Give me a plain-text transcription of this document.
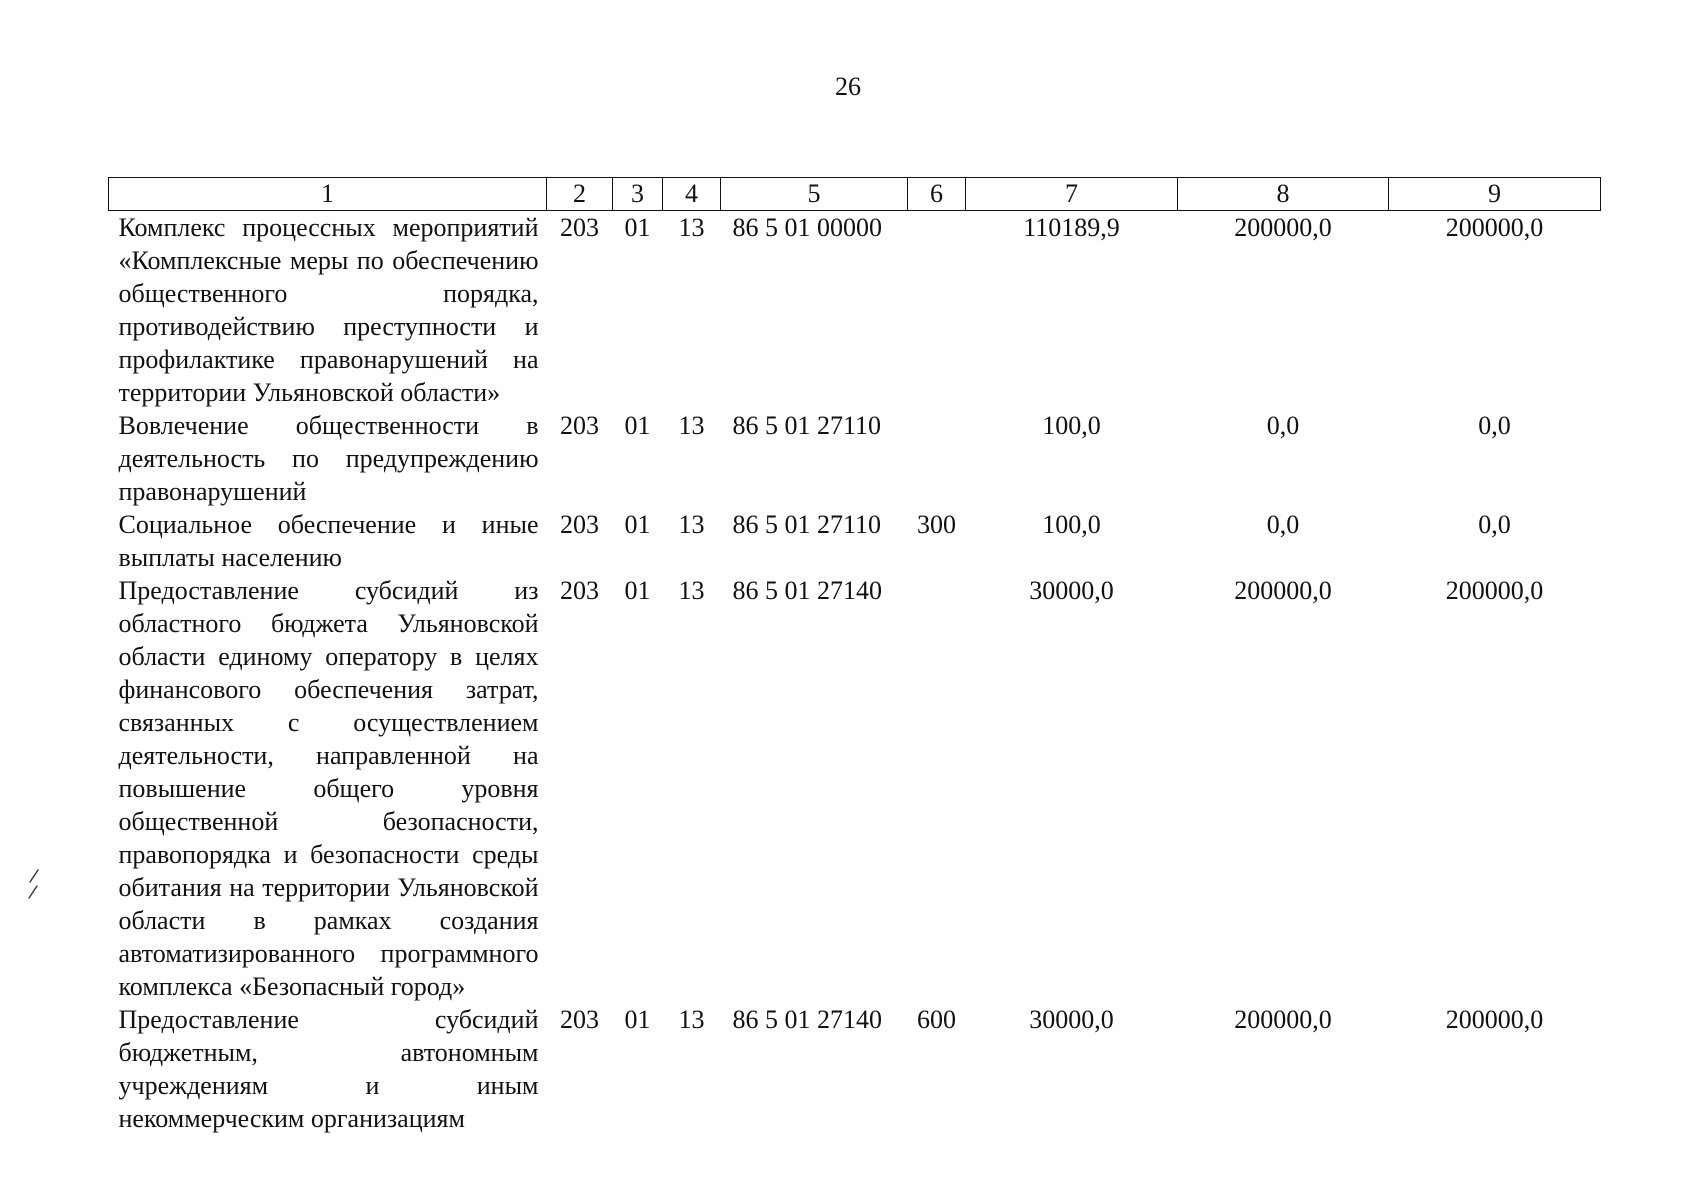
26
1	2	3	4	5	6	7	8	9
Комплекс процессных мероприятий «Комплексные меры по обеспечению общественного порядка, противодействию преступности и профилактике правонарушений на территории Ульяновской области»	203	01	13	86 5 01 00000		110189,9	200000,0	200000,0
Вовлечение общественности в деятельность по предупреждению правонарушений	203	01	13	86 5 01 27110		100,0	0,0	0,0
Социальное обеспечение и иные выплаты населению	203	01	13	86 5 01 27110	300	100,0	0,0	0,0
Предоставление субсидий из областного бюджета Ульяновской области единому оператору в целях финансового обеспечения затрат, связанных с осуществлением деятельности, направленной на повышение общего уровня общественной безопасности, правопорядка и безопасности среды обитания на территории Ульяновской области в рамках создания автоматизированного программного комплекса «Безопасный город»	203	01	13	86 5 01 27140		30000,0	200000,0	200000,0
Предоставление субсидий бюджетным, автономным учреждениям и иным некоммерческим организациям	203	01	13	86 5 01 27140	600	30000,0	200000,0	200000,0
